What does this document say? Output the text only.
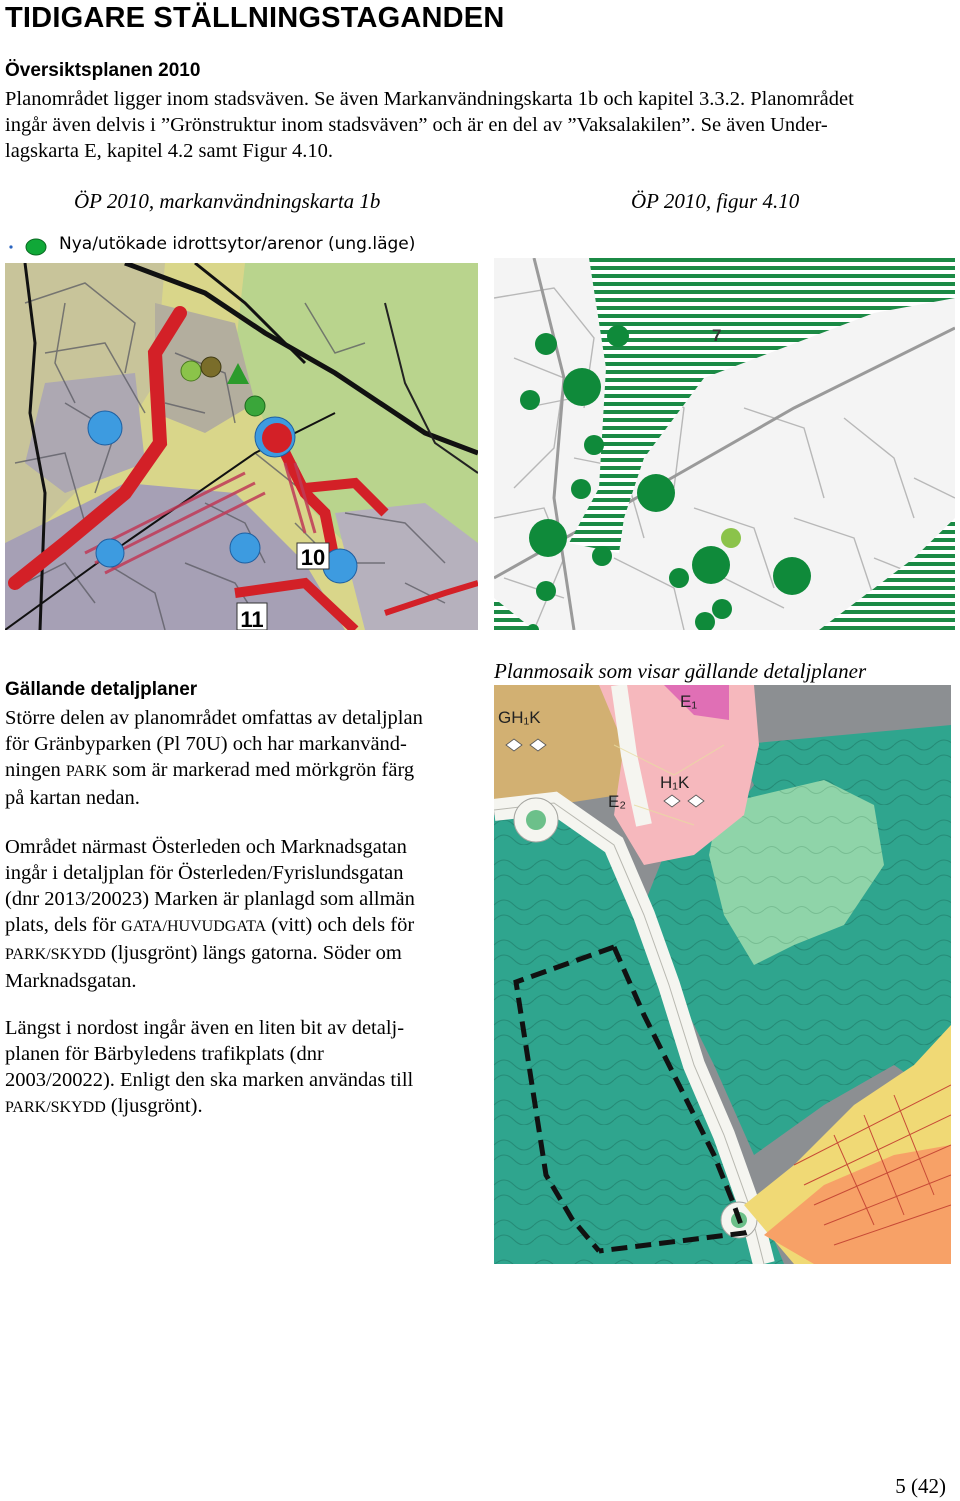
TIDIGARE STÄLLNINGSTAGANDEN
Översiktsplanen 2010
Planområdet ligger inom stadsväven. Se även Markanvändningskarta 1b och kapitel 3.3.2. Planområdet
ingår även delvis i ”Grönstruktur inom stadsväven” och är en del av ”Vaksalakilen”. Se även Under-
lagskarta E, kapitel 4.2 samt Figur 4.10.
ÖP 2010, markanvändningskarta 1b	ÖP 2010, figur 4.10
Nya/utökade idrottsytor/arenor (ung.läge)
10
11
7
Gällande detaljplaner
Större delen av planområdet omfattas av detaljplan
för Gränbyparken (Pl 70U) och har markanvänd-
ningen PARK som är markerad med mörkgrön färg
på kartan nedan.
Området närmast Österleden och Marknadsgatan
ingår i detaljplan för Österleden/Fyrislundsgatan
(dnr 2013/20023) Marken är planlagd som allmän
plats, dels för GATA/HUVUDGATA (vitt) och dels för
PARK/SKYDD (ljusgrönt) längs gatorna. Söder om
Marknadsgatan.
Längst i nordost ingår även en liten bit av detalj-
planen för Bärbyledens trafikplats (dnr
2003/20022). Enligt den ska marken användas till
PARK/SKYDD (ljusgrönt).
Planmosaik som visar gällande detaljplaner
GH₁K
E₁
E₂
H₁K
5 (42)
